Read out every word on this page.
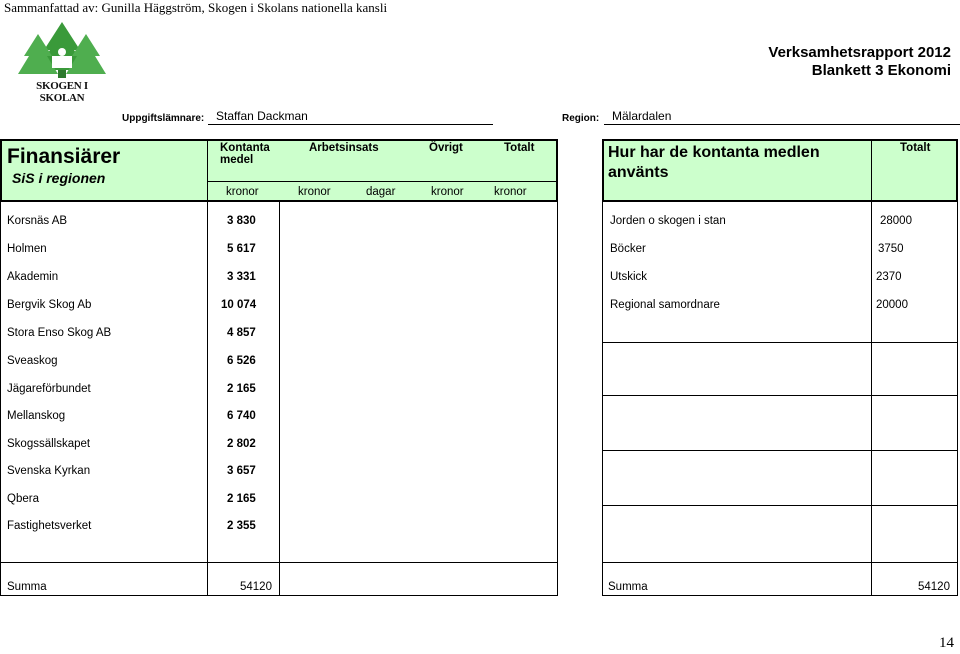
Sammanfattad av: Gunilla Häggström, Skogen i Skolans nationella kansli
SKOGEN I SKOLAN
Verksamhetsrapport 2012
Blankett 3 Ekonomi
Uppgiftslämnare: Staffan Dackman	Region:	Mälardalen
Finansiärer
SiS i regionen
Kontanta medel
Arbetsinsats	Övrigt	Totalt
kronor	kronor	dagar	kronor	kronor
Hur har de kontanta medlen använts
Totalt
Korsnäs AB	3 830
Holmen	5 617
Akademin	3 331
Bergvik Skog Ab	10 074
Stora Enso Skog AB	4 857
Sveaskog	6 526
Jägareförbundet	2 165
Mellanskog	6 740
Skogssällskapet	2 802
Svenska Kyrkan	3 657
Qbera	2 165
Fastighetsverket	2 355
Summa	54120
Jorden o skogen i stan	28000
Böcker	3750
Utskick	2370
Regional samordnare	20000
Summa	54120
14
